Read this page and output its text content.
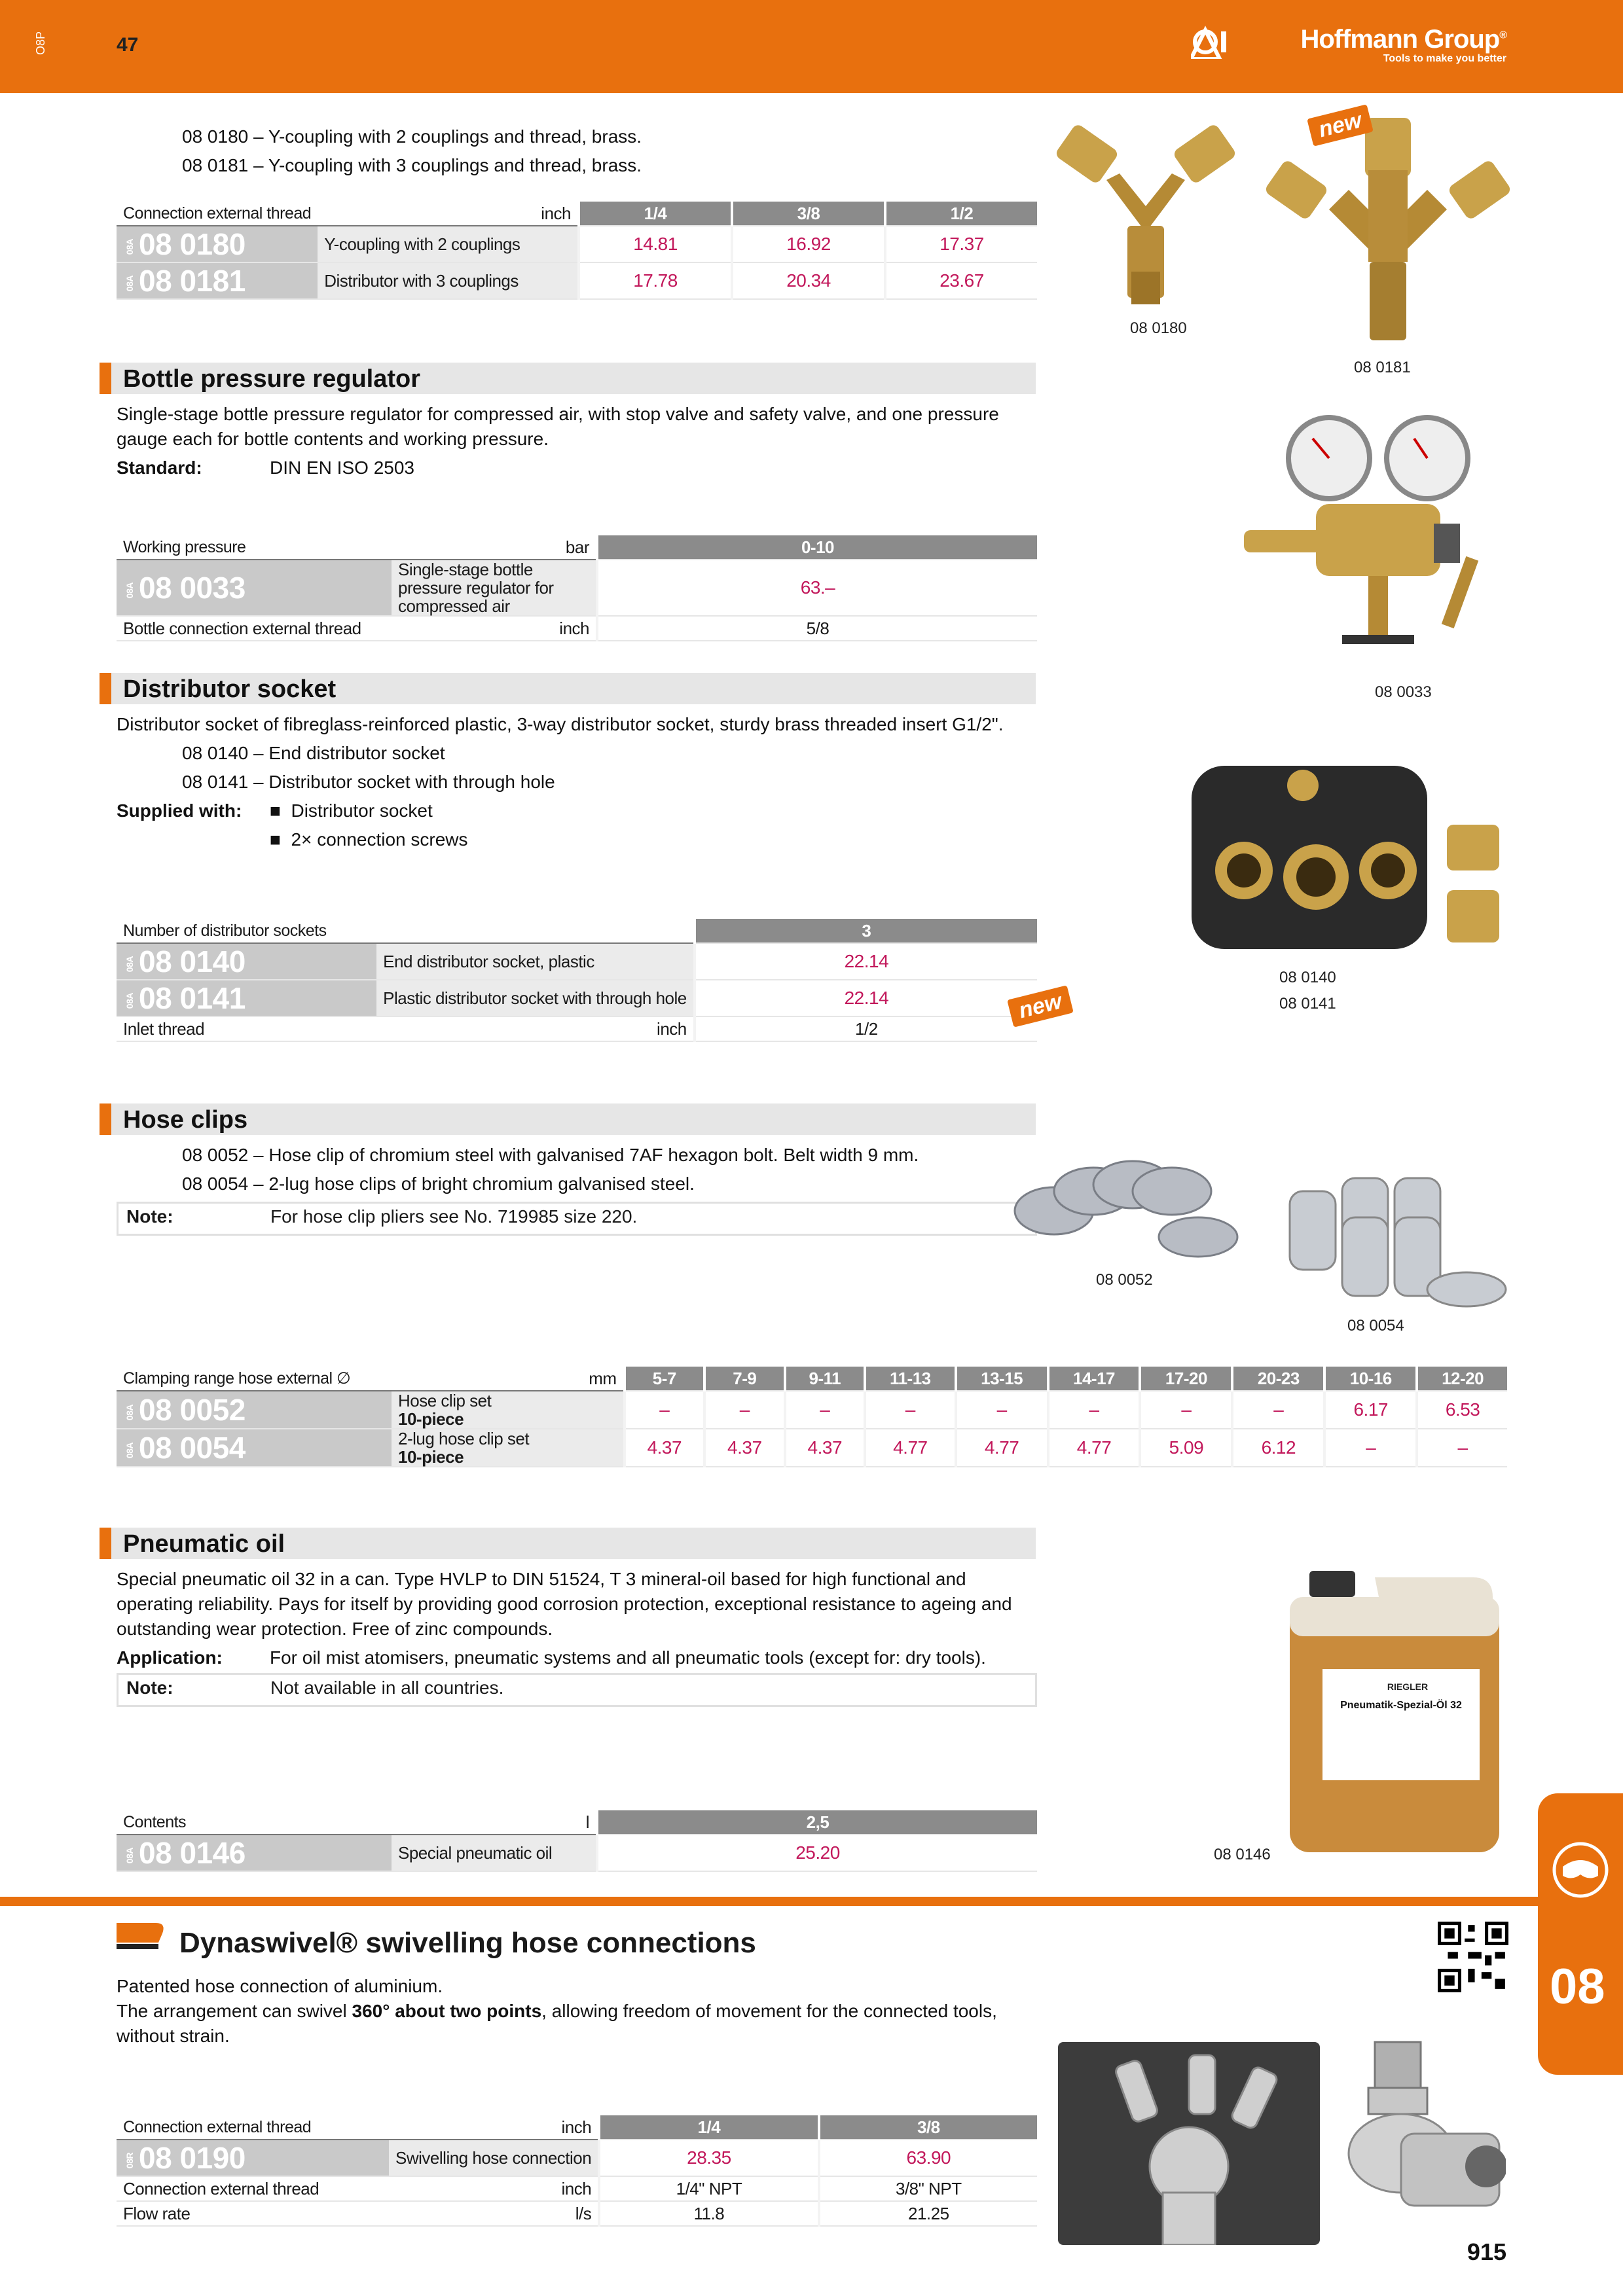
O8P	47	Hoffmann Group®
Tools to make you better
08 0180 – Y-coupling with 2 couplings and thread, brass.
08 0181 – Y-coupling with 3 couplings and thread, brass.
Connection external thread	inch	1/4	3/8	1/2
08A 08 0180	Y-coupling with 2 couplings	14.81	16.92	17.37
08A 08 0181	Distributor with 3 couplings	17.78	20.34	23.67
new
08 0180
08 0181
Bottle pressure regulator
Single-stage bottle pressure regulator for compressed air, with stop valve and safety valve, and one pressure gauge each for bottle contents and working pressure.
Standard:	DIN EN ISO 2503
Working pressure	bar	0-10
08A 08 0033	Single-stage bottle pressure regulator for compressed air	63.–
Bottle connection external thread	inch	5/8
08 0033
Distributor socket
Distributor socket of fibreglass-reinforced plastic, 3-way distributor socket, sturdy brass threaded insert G1/2".
08 0140 – End distributor socket
08 0141 – Distributor socket with through hole
Supplied with: ■  Distributor socket
■  2× connection screws
Number of distributor sockets		3
08A 08 0140	End distributor socket, plastic	22.14
08A 08 0141	Plastic distributor socket with through hole	22.14
Inlet thread	inch	1/2
new
08 0140
08 0141
Hose clips
08 0052 – Hose clip of chromium steel with galvanised 7AF hexagon bolt. Belt width 9 mm.
08 0054 – 2-lug hose clips of bright chromium galvanised steel.
Note:	For hose clip pliers see No. 719985 size 220.
08 0052
08 0054
Clamping range hose external ∅	mm	5-7	7-9	9-11	11-13	13-15	14-17	17-20	20-23	10-16	12-20
08A 08 0052	Hose clip set
10-piece	–	–	–	–	–	–	–	–	6.17	6.53
08A 08 0054	2-lug hose clip set
10-piece	4.37	4.37	4.37	4.77	4.77	4.77	5.09	6.12	–	–
Pneumatic oil
Special pneumatic oil 32 in a can. Type HVLP to DIN 51524, T 3 mineral-oil based for high functional and operating reliability. Pays for itself by providing good corrosion protection, exceptional resistance to ageing and outstanding wear protection. Free of zinc compounds.
Application:	For oil mist atomisers, pneumatic systems and all pneumatic tools (except for: dry tools).
Note:	Not available in all countries.
Contents	l	2,5
08A 08 0146	Special pneumatic oil	25.20
RIEGLER
Pneumatik-Spezial-Öl 32
08 0146
Dynaswivel® swivelling hose connections
Patented hose connection of aluminium.
The arrangement can swivel 360° about two points, allowing freedom of movement for the connected tools, without strain.
Connection external thread	inch	1/4	3/8
08R 08 0190	Swivelling hose connection	28.35	63.90
Connection external thread	inch	1/4" NPT	3/8" NPT
Flow rate	l/s	11.8	21.25
08
915
